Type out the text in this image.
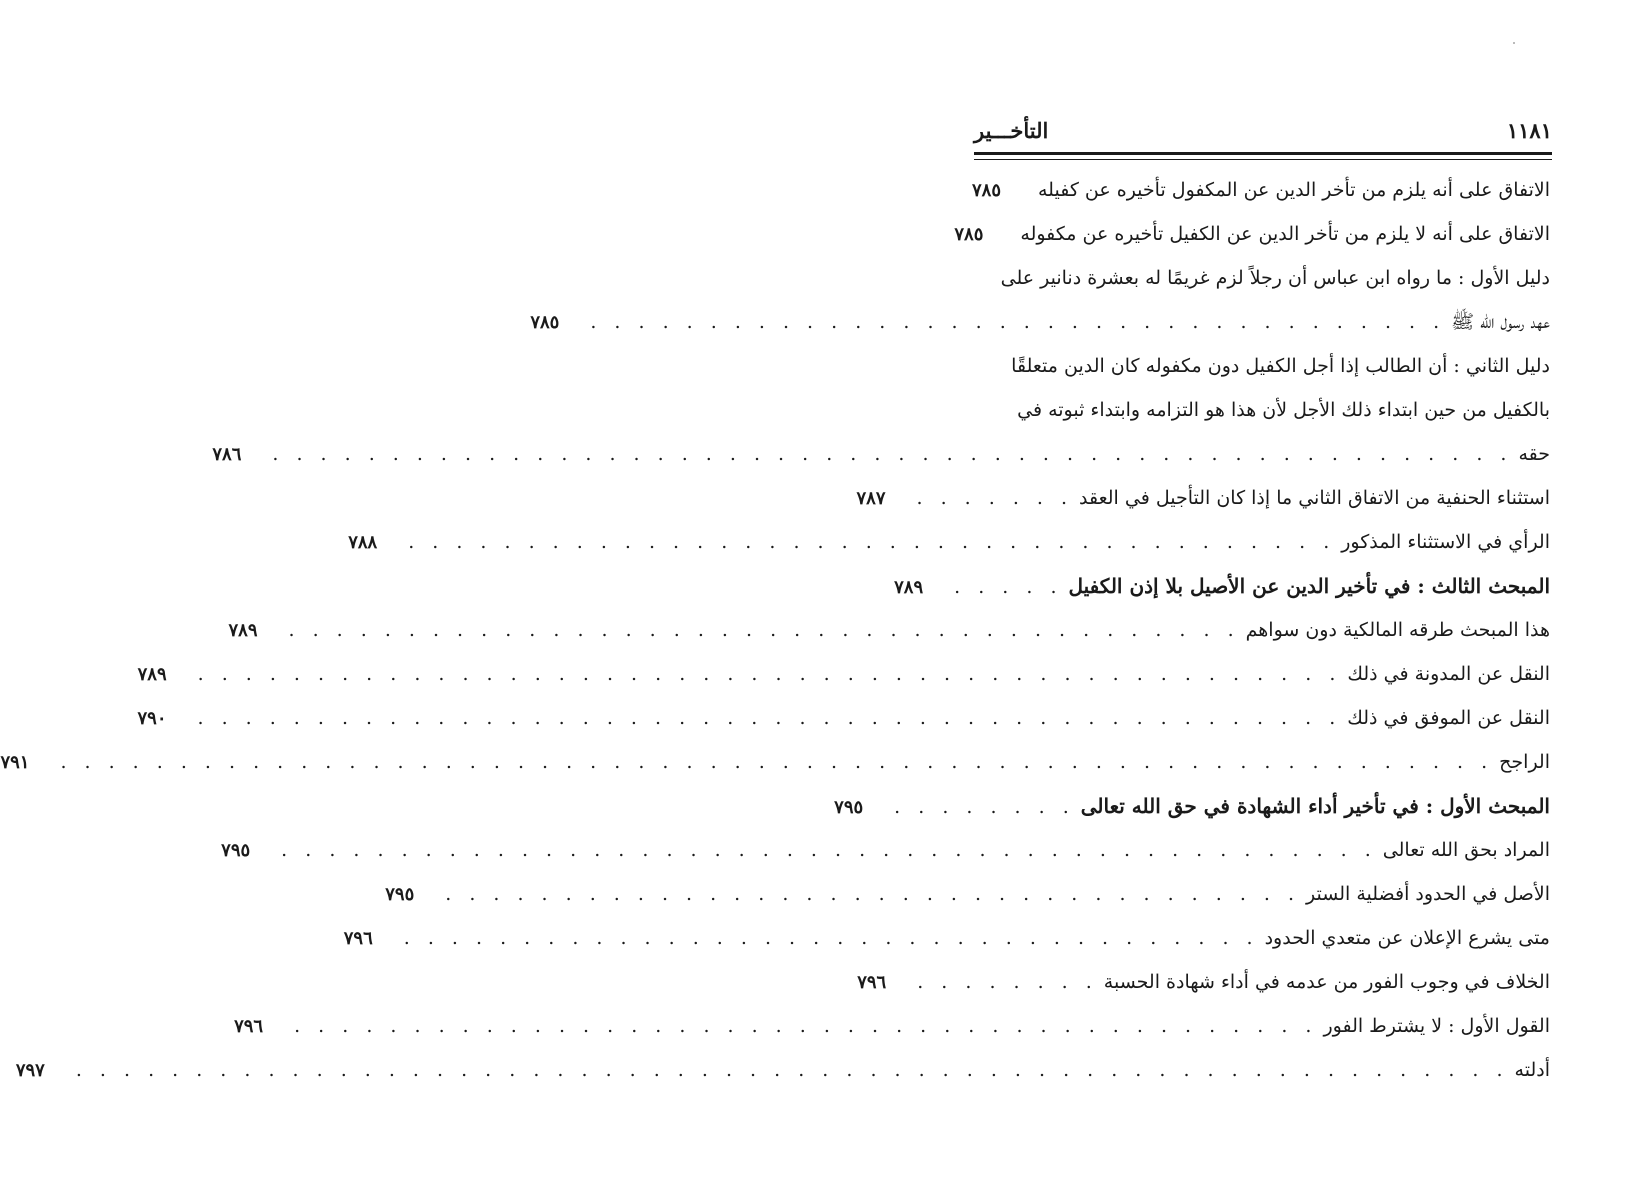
١١٨١
التأخـــير
الاتفاق على أنه يلزم من تأخر الدين عن المكفول تأخيره عن كفيله
٧٨٥
الاتفاق على أنه لا يلزم من تأخر الدين عن الكفيل تأخيره عن مكفوله
٧٨٥
دليل الأول : ما رواه ابن عباس أن رجلاً لزم غريمًا له بعشرة دنانير على
عهد رسول الله ﷺ
. . . . . . . . . . . . . . . . . . . . . . . . . . . . . . . . . . . .
٧٨٥
دليل الثاني : أن الطالب إذا أجل الكفيل دون مكفوله كان الدين متعلقًا
بالكفيل من حين ابتداء ذلك الأجل لأن هذا هو التزامه وابتداء ثبوته في
حقه
. . . . . . . . . . . . . . . . . . . . . . . . . . . . . . . . . . . . . . . . . . . . . . . . . . . .
٧٨٦
استثناء الحنفية من الاتفاق الثاني ما إذا كان التأجيل في العقد
. . . . . . .
٧٨٧
الرأي في الاستثناء المذكور
. . . . . . . . . . . . . . . . . . . . . . . . . . . . . . . . . . . . . . .
٧٨٨
المبحث الثالث : في تأخير الدين عن الأصيل بلا إذن الكفيل
. . . . .
٧٨٩
هذا المبحث طرقه المالكية دون سواهم
. . . . . . . . . . . . . . . . . . . . . . . . . . . . . . . . . . . . . . . .
٧٨٩
النقل عن المدونة في ذلك
. . . . . . . . . . . . . . . . . . . . . . . . . . . . . . . . . . . . . . . . . . . . . . . .
٧٨٩
النقل عن الموفق في ذلك
. . . . . . . . . . . . . . . . . . . . . . . . . . . . . . . . . . . . . . . . . . . . . . . .
٧٩٠
الراجح
. . . . . . . . . . . . . . . . . . . . . . . . . . . . . . . . . . . . . . . . . . . . . . . . . . . . . . . . . . . .
٧٩١
المبحث الأول : في تأخير أداء الشهادة في حق الله تعالى
. . . . . . . .
٧٩٥
المراد بحق الله تعالى
. . . . . . . . . . . . . . . . . . . . . . . . . . . . . . . . . . . . . . . . . . . . . .
٧٩٥
الأصل في الحدود أفضلية الستر
. . . . . . . . . . . . . . . . . . . . . . . . . . . . . . . . . . . .
٧٩٥
متى يشرع الإعلان عن متعدي الحدود
. . . . . . . . . . . . . . . . . . . . . . . . . . . . . . . . . . . .
٧٩٦
الخلاف في وجوب الفور من عدمه في أداء شهادة الحسبة
. . . . . . . .
٧٩٦
القول الأول : لا يشترط الفور
. . . . . . . . . . . . . . . . . . . . . . . . . . . . . . . . . . . . . . . . . . .
٧٩٦
أدلته
. . . . . . . . . . . . . . . . . . . . . . . . . . . . . . . . . . . . . . . . . . . . . . . . . . . . . . . . . . . .
٧٩٧
